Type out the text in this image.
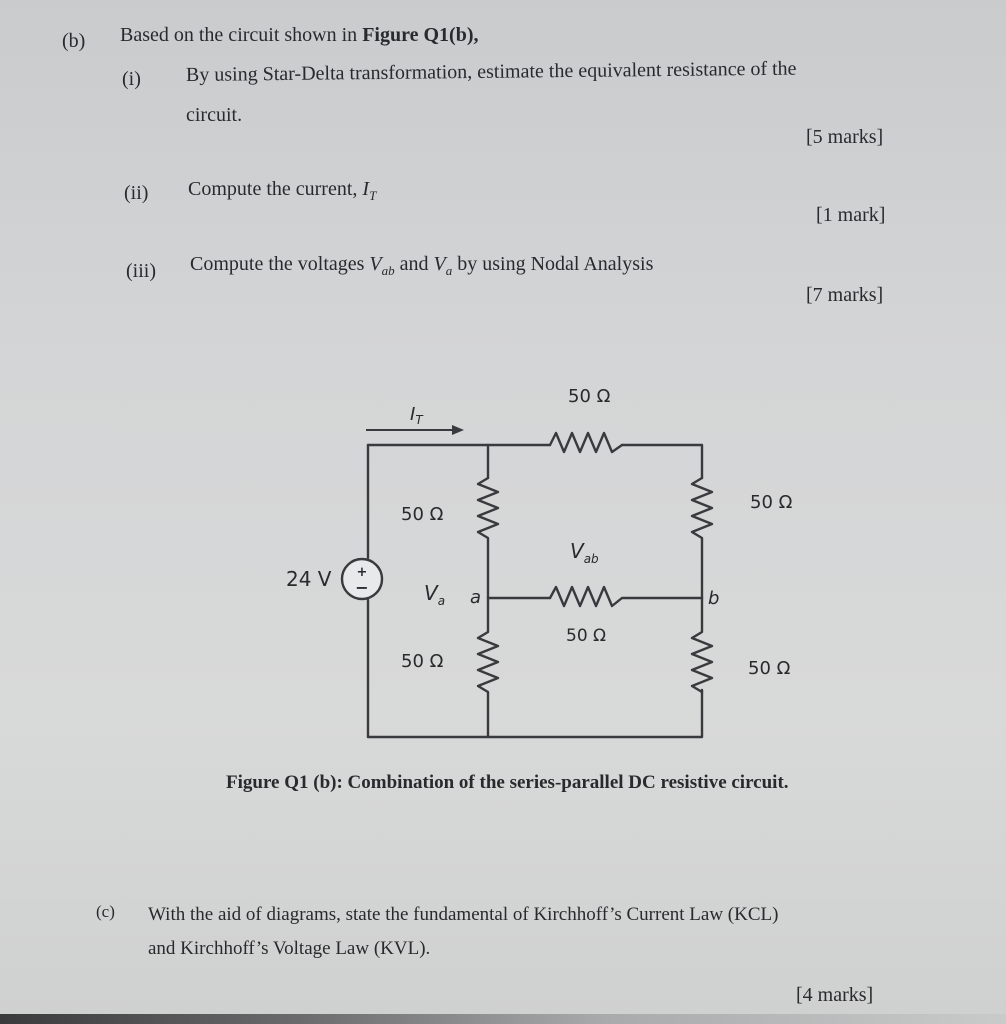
(b) Based on the circuit shown in Figure Q1(b),
(i) By using Star-Delta transformation, estimate the equivalent resistance of the
circuit.
[5 marks]
(ii) Compute the current, $I_T$
[1 mark]
(iii) Compute the voltages $V_{ab}$ and $V_a$ by using Nodal Analysis
[7 marks]
+
−
$I_T$
24 V
50 Ω
50 Ω
50 Ω
50 Ω
50 Ω
50 Ω
$V_{ab}$
$V_a$ a	b
Figure Q1 (b): Combination of the series-parallel DC resistive circuit.
(c) With the aid of diagrams, state the fundamental of Kirchhoff’s Current Law (KCL)
and Kirchhoff’s Voltage Law (KVL).
[4 marks]
